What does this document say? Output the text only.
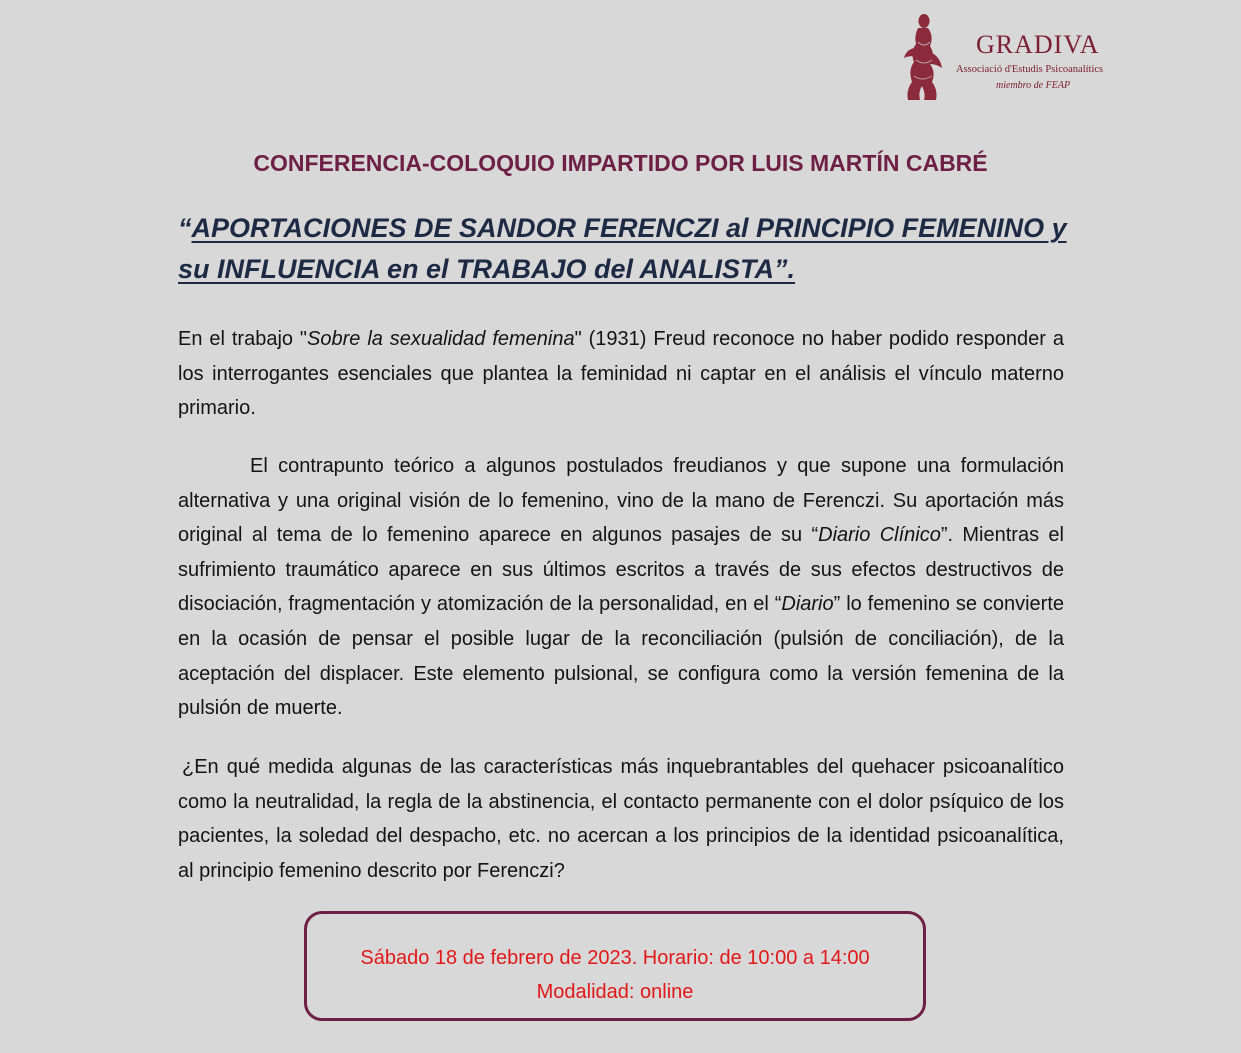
GRADIVA
Associació d'Estudis Psicoanalítics
miembro de FEAP
CONFERENCIA-COLOQUIO IMPARTIDO POR LUIS MARTÍN CABRÉ
“APORTACIONES DE SANDOR FERENCZI al PRINCIPIO FEMENINO y su INFLUENCIA en el TRABAJO del ANALISTA”.
En el trabajo "Sobre la sexualidad femenina" (1931) Freud reconoce no haber podido responder a los interrogantes esenciales que plantea la feminidad ni captar en el análisis el vínculo materno primario.
El contrapunto teórico a algunos postulados freudianos y que supone una formulación alternativa y una original visión de lo femenino, vino de la mano de Ferenczi. Su aportación más original al tema de lo femenino aparece en algunos pasajes de su “Diario Clínico”. Mientras el sufrimiento traumático aparece en sus últimos escritos a través de sus efectos destructivos de disociación, fragmentación y atomización de la personalidad, en el “Diario” lo femenino se convierte en la ocasión de pensar el posible lugar de la reconciliación (pulsión de conciliación), de la aceptación del displacer. Este elemento pulsional, se configura como la versión femenina de la pulsión de muerte.
¿En qué medida algunas de las características más inquebrantables del quehacer psicoanalítico como la neutralidad, la regla de la abstinencia, el contacto permanente con el dolor psíquico de los pacientes, la soledad del despacho, etc. no acercan a los principios de la identidad psicoanalítica, al principio femenino descrito por Ferenczi?
Sábado 18 de febrero de 2023. Horario: de 10:00 a 14:00
Modalidad: online
